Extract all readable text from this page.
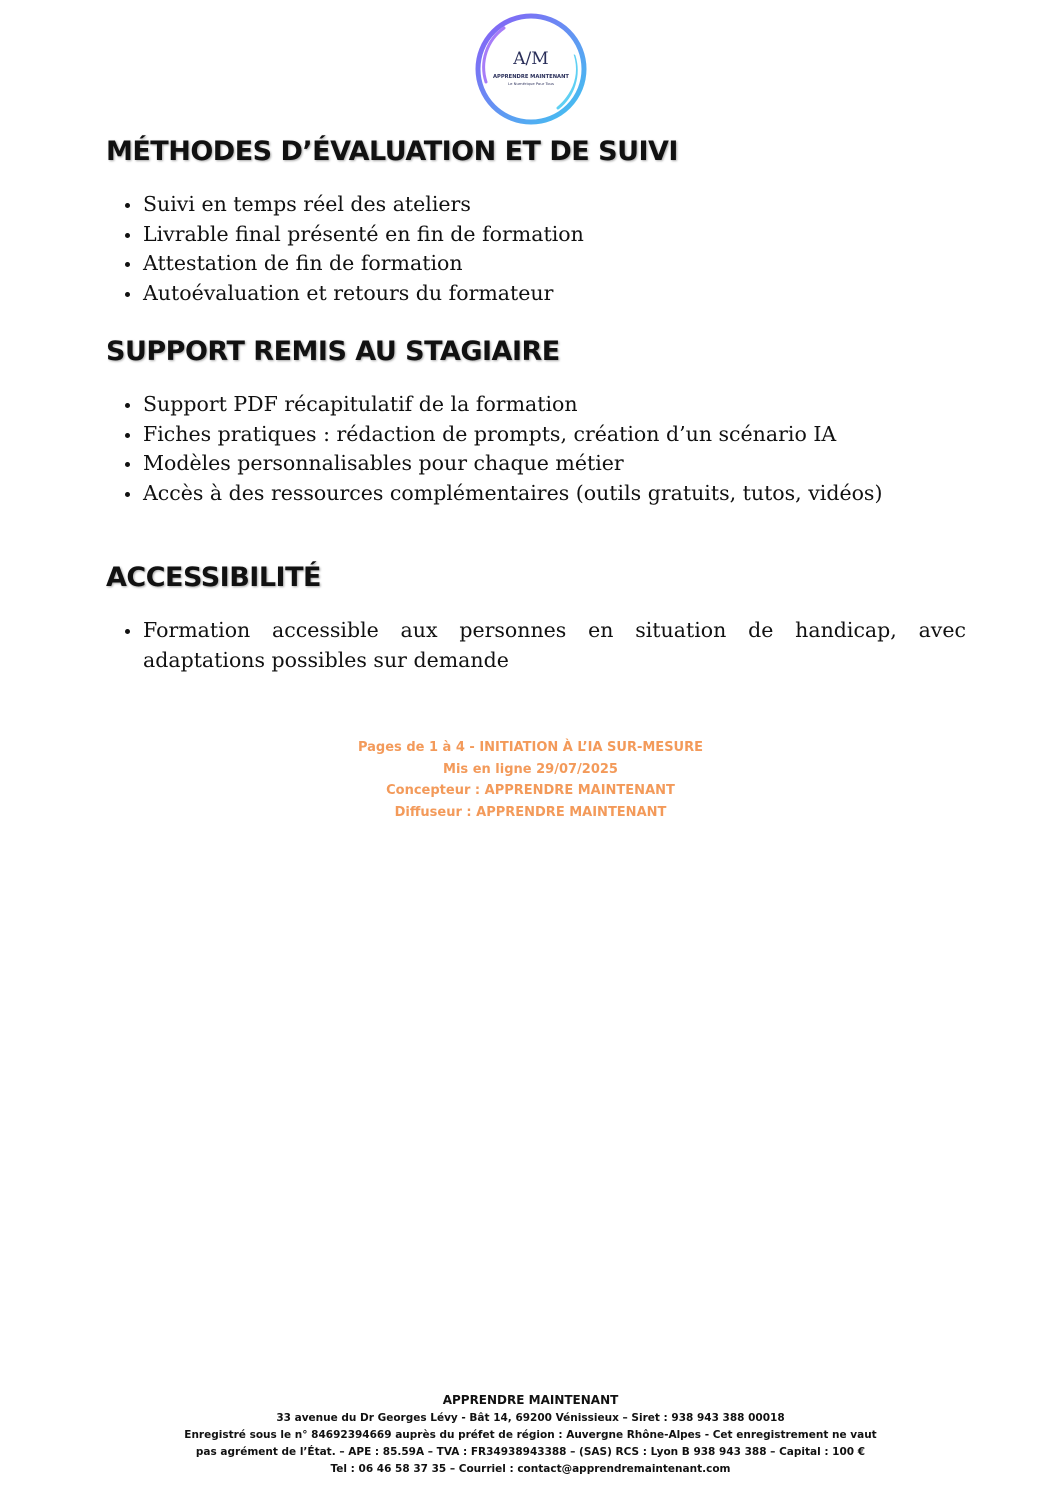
A/M
APPRENDRE MAINTENANT
Le Numérique Pour Tous
MÉTHODES D’ÉVALUATION ET DE SUIVI
Suivi en temps réel des ateliers
Livrable final présenté en fin de formation
Attestation de fin de formation
Autoévaluation et retours du formateur
SUPPORT REMIS AU STAGIAIRE
Support PDF récapitulatif de la formation
Fiches pratiques : rédaction de prompts, création d’un scénario IA
Modèles personnalisables pour chaque métier
Accès à des ressources complémentaires (outils gratuits, tutos, vidéos)
ACCESSIBILITÉ
Formation accessible aux personnes en situation de handicap, avec adaptations possibles sur demande
Pages de 1 à 4 - INITIATION À L’IA SUR-MESURE
Mis en ligne 29/07/2025
Concepteur : APPRENDRE MAINTENANT
Diffuseur : APPRENDRE MAINTENANT
APPRENDRE MAINTENANT
33 avenue du Dr Georges Lévy - Bât 14, 69200 Vénissieux – Siret : 938 943 388 00018
Enregistré sous le n° 84692394669 auprès du préfet de région : Auvergne Rhône-Alpes - Cet enregistrement ne vaut
pas agrément de l’État. – APE : 85.59A – TVA : FR34938943388 – (SAS) RCS : Lyon B 938 943 388 – Capital : 100 €
Tel : 06 46 58 37 35 – Courriel : contact@apprendremaintenant.com
